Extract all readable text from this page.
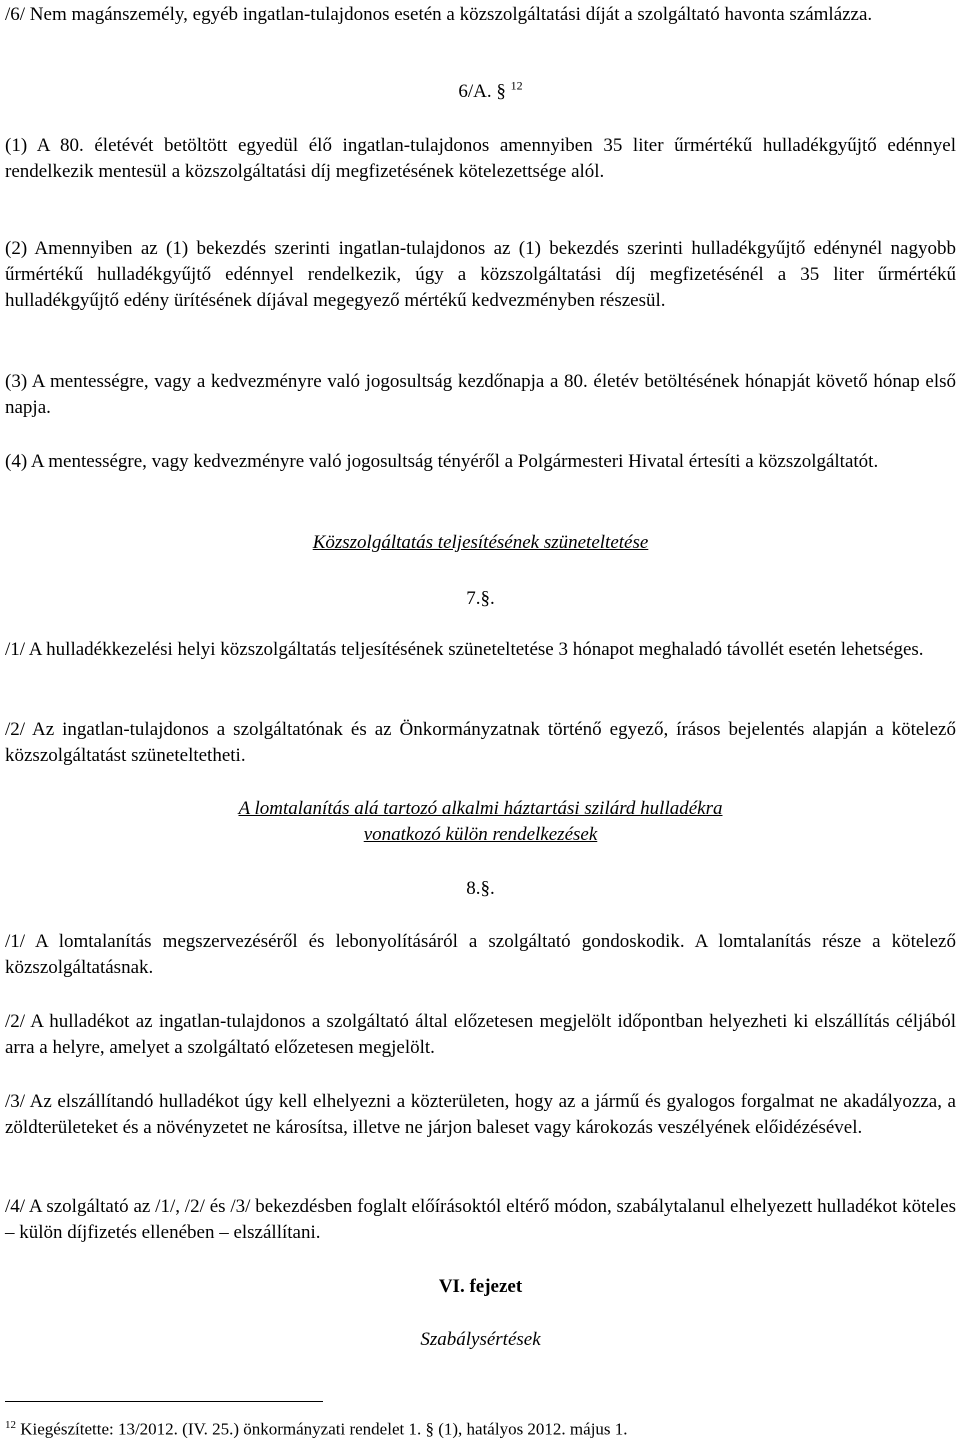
/6/ Nem magánszemély, egyéb ingatlan-tulajdonos esetén a közszolgáltatási díját a szolgáltató havonta számlázza.

6/A. § $^{12}$

(1) A 80. életévét betöltött egyedül élő ingatlan-tulajdonos amennyiben 35 liter űrmértékű hulladékgyűjtő edénnyel rendelkezik mentesül a közszolgáltatási díj megfizetésének kötelezettsége alól.

(2) Amennyiben az (1) bekezdés szerinti ingatlan-tulajdonos az (1) bekezdés szerinti hulladékgyűjtő edénynél nagyobb űrmértékű hulladékgyűjtő edénnyel rendelkezik, úgy a közszolgáltatási díj megfizetésénél a 35 liter űrmértékű hulladékgyűjtő edény ürítésének díjával megegyező mértékű kedvezményben részesül.

(3) A mentességre, vagy a kedvezményre való jogosultság kezdőnapja a 80. életév betöltésének hónapját követő hónap első napja.

(4) A mentességre, vagy kedvezményre való jogosultság tényéről a Polgármesteri Hivatal értesíti a közszolgáltatót.

Közszolgáltatás teljesítésének szüneteltetése

7.§.

/1/ A hulladékkezelési helyi közszolgáltatás teljesítésének szüneteltetése 3 hónapot meghaladó távollét esetén lehetséges.

/2/ Az ingatlan-tulajdonos a szolgáltatónak és az Önkormányzatnak történő egyező, írásos bejelentés alapján a kötelező közszolgáltatást szüneteltetheti.

A lomtalanítás alá tartozó alkalmi háztartási szilárd hulladékra
vonatkozó külön rendelkezések

8.§.

/1/ A lomtalanítás megszervezéséről és lebonyolításáról a szolgáltató gondoskodik. A lomtalanítás része a kötelező közszolgáltatásnak.

/2/ A hulladékot az ingatlan-tulajdonos a szolgáltató által előzetesen megjelölt időpontban helyezheti ki elszállítás céljából arra a helyre, amelyet a szolgáltató előzetesen megjelölt.

/3/ Az elszállítandó hulladékot úgy kell elhelyezni a közterületen, hogy az a jármű és gyalogos forgalmat ne akadályozza, a zöldterületeket és a növényzetet ne károsítsa, illetve ne járjon baleset vagy károkozás veszélyének előidézésével.

/4/ A szolgáltató az /1/, /2/ és /3/ bekezdésben foglalt előírásoktól eltérő módon, szabálytalanul elhelyezett hulladékot köteles – külön díjfizetés ellenében – elszállítani.

VI. fejezet

Szabálysértések

$^{12}$ Kiegészítette: 13/2012. (IV. 25.) önkormányzati rendelet 1. § (1), hatályos 2012. május 1.
